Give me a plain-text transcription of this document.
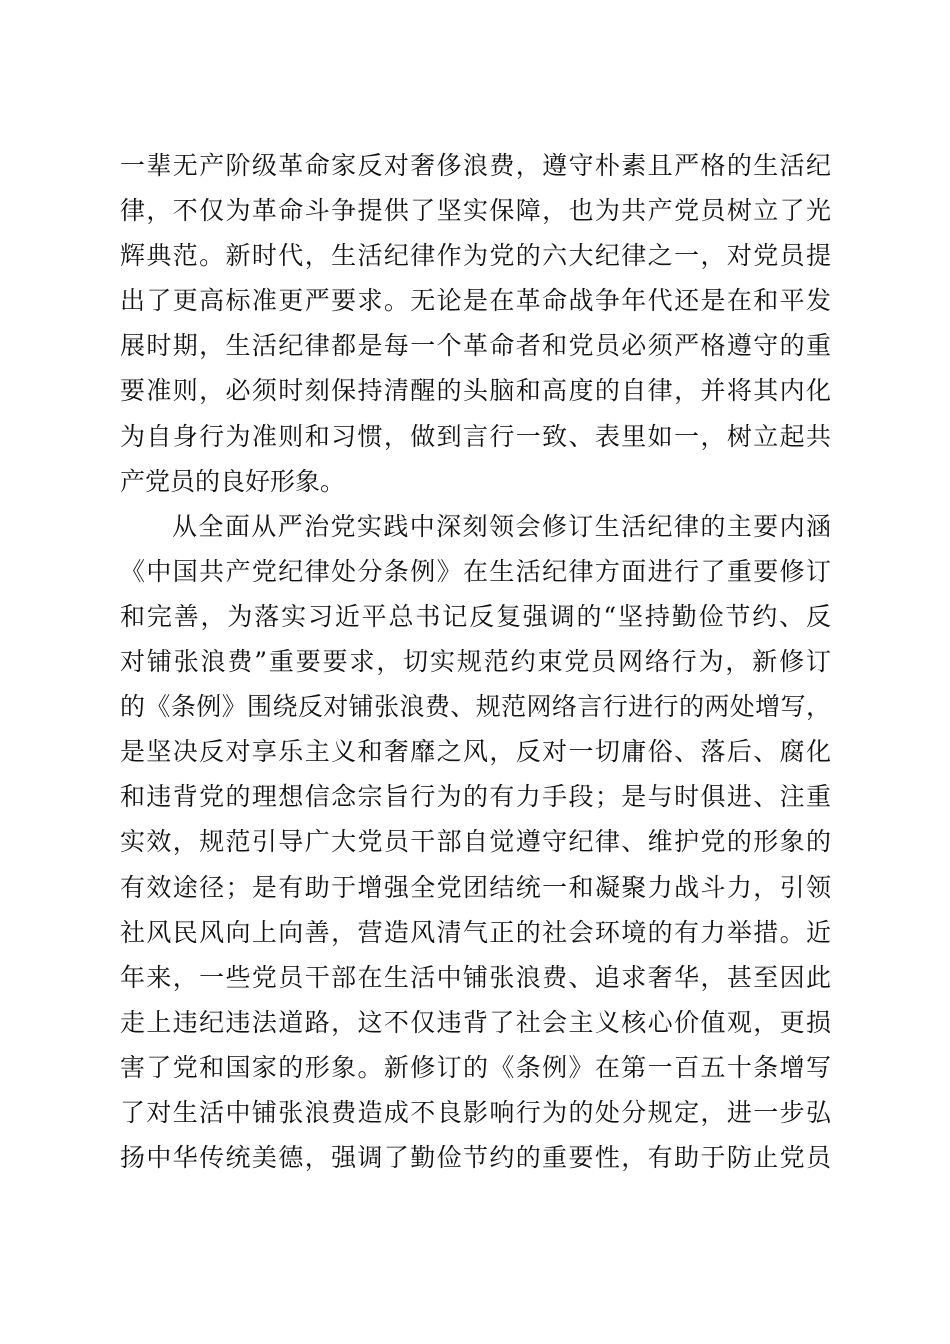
一辈无产阶级革命家反对奢侈浪费，遵守朴素且严格的生活纪
律，不仅为革命斗争提供了坚实保障，也为共产党员树立了光
辉典范。新时代，生活纪律作为党的六大纪律之一，对党员提
出了更高标准更严要求。无论是在革命战争年代还是在和平发
展时期，生活纪律都是每一个革命者和党员必须严格遵守的重
要准则，必须时刻保持清醒的头脑和高度的自律，并将其内化
为自身行为准则和习惯，做到言行一致、表里如一，树立起共
产党员的良好形象。
从全面从严治党实践中深刻领会修订生活纪律的主要内涵
《中国共产党纪律处分条例》在生活纪律方面进行了重要修订
和完善，为落实习近平总书记反复强调的“坚持勤俭节约、反
对铺张浪费”重要要求，切实规范约束党员网络行为，新修订
的《条例》围绕反对铺张浪费、规范网络言行进行的两处增写，
是坚决反对享乐主义和奢靡之风，反对一切庸俗、落后、腐化
和违背党的理想信念宗旨行为的有力手段；是与时俱进、注重
实效，规范引导广大党员干部自觉遵守纪律、维护党的形象的
有效途径；是有助于增强全党团结统一和凝聚力战斗力，引领
社风民风向上向善，营造风清气正的社会环境的有力举措。近
年来，一些党员干部在生活中铺张浪费、追求奢华，甚至因此
走上违纪违法道路，这不仅违背了社会主义核心价值观，更损
害了党和国家的形象。新修订的《条例》在第一百五十条增写
了对生活中铺张浪费造成不良影响行为的处分规定，进一步弘
扬中华传统美德，强调了勤俭节约的重要性，有助于防止党员
